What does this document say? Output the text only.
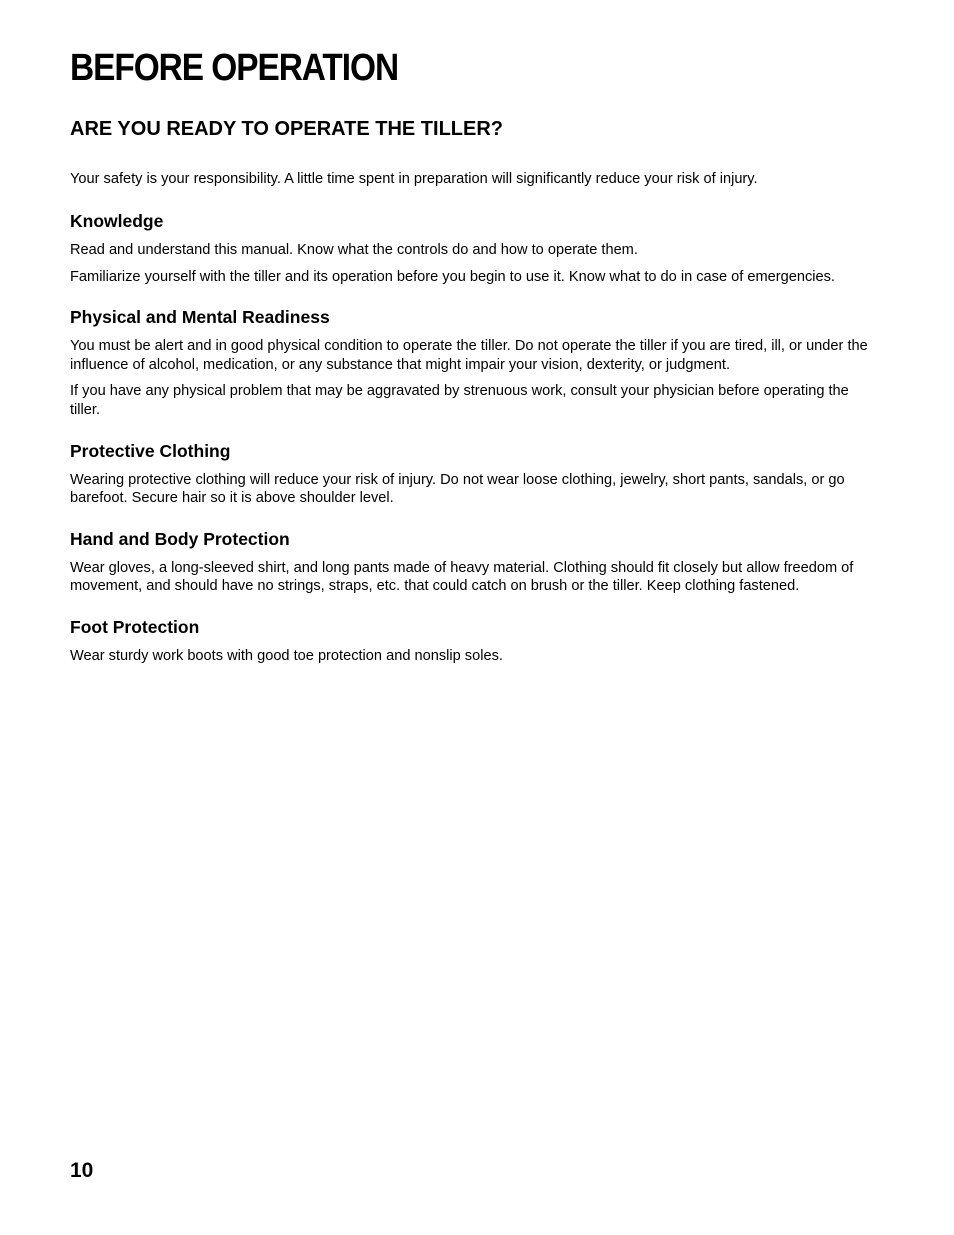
BEFORE OPERATION
ARE YOU READY TO OPERATE THE TILLER?

Your safety is your responsibility. A little time spent in preparation will significantly reduce your risk of injury.

Knowledge

Read and understand this manual. Know what the controls do and how to operate them.

Familiarize yourself with the tiller and its operation before you begin to use it. Know what to do in case of emergencies.

Physical and Mental Readiness

You must be alert and in good physical condition to operate the tiller. Do not operate the tiller if you are tired, ill, or under the influence of alcohol, medication, or any substance that might impair your vision, dexterity, or judgment.

If you have any physical problem that may be aggravated by strenuous work, consult your physician before operating the tiller.

Protective Clothing

Wearing protective clothing will reduce your risk of injury. Do not wear loose clothing, jewelry, short pants, sandals, or go barefoot. Secure hair so it is above shoulder level.

Hand and Body Protection

Wear gloves, a long-sleeved shirt, and long pants made of heavy material. Clothing should fit closely but allow freedom of movement, and should have no strings, straps, etc. that could catch on brush or the tiller. Keep clothing fastened.

Foot Protection

Wear sturdy work boots with good toe protection and nonslip soles.

10
